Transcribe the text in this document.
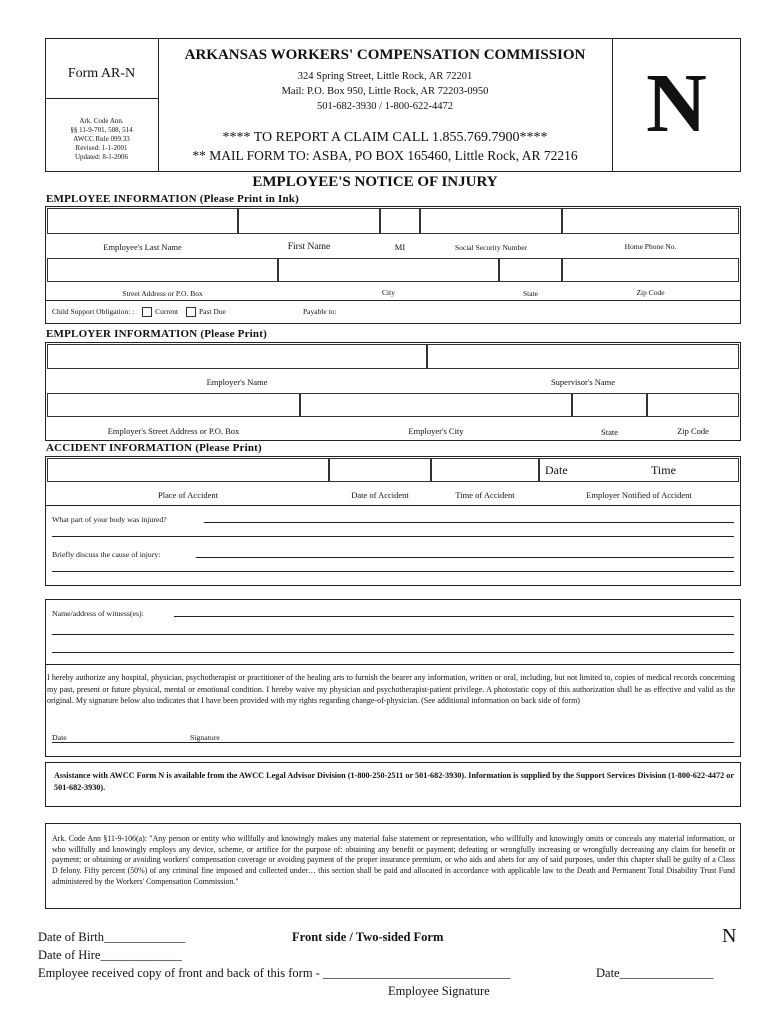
Form AR-N
Ark. Code Ann.
§§ 11-9-701, 508, 514
AWCC Rule 099.33
Revised: 1-1-2001
Updated: 8-1-2006
ARKANSAS WORKERS' COMPENSATION COMMISSION
324 Spring Street, Little Rock, AR 72201
Mail: P.O. Box 950, Little Rock, AR 72203-0950
501-682-3930 / 1-800-622-4472
**** TO REPORT A CLAIM CALL 1.855.769.7900****
** MAIL FORM TO: ASBA, PO BOX 165460, Little Rock, AR 72216
N
EMPLOYEE'S NOTICE OF INJURY
EMPLOYEE INFORMATION (Please Print in Ink)
Employee's Last Name	First Name	MI	Social Security Number	Home Phone No.
Street Address or P.O. Box	City	State	Zip Code
Child Support Obligation: :	Current	Past Due	Payable to:
EMPLOYER INFORMATION (Please Print)
Employer's Name	Supervisor's Name
Employer's Street Address or P.O. Box	Employer's City	State	Zip Code
ACCIDENT INFORMATION (Please Print)
Date	Time
Place of Accident	Date of Accident	Time of Accident	Employer Notified of Accident
What part of your body was injured?
Briefly discuss the cause of injury:
Name/address of witness(es):
I hereby authorize any hospital, physician, psychotherapist or practitioner of the healing arts to furnish the bearer any information, written or oral, including, but not limited to, copies of medical records concerning my past, present or future physical, mental or emotional condition. I hereby waive my physician and psychotherapist-patient privilege. A photostatic copy of this authorization shall be as effective and valid as the original. My signature below also indicates that I have been provided with my rights regarding change-of-physician. (See additional information on back side of form)
Date	Signature
Assistance with AWCC Form N is available from the AWCC Legal Advisor Division (1-800-250-2511 or 501-682-3930). Information is supplied by the Support Services Division (1-800-622-4472 or 501-682-3930).
Ark. Code Ann §11-9-106(a): "Any person or entity who willfully and knowingly makes any material false statement or representation, who willfully and knowingly omits or conceals any material information, or who willfully and knowingly employs any device, scheme, or artifice for the purpose of: obtaining any benefit or payment; defeating or wrongfully increasing or wrongfully decreasing any claim for benefit or payment; or obtaining or avoiding workers' compensation coverage or avoiding payment of the proper insurance premium, or who aids and abets for any of said purposes, under this chapter shall be guilty of a Class D felony. Fifty percent (50%) of any criminal fine imposed and collected under… this section shall be paid and allocated in accordance with applicable law to the Death and Permanent Total Disability Trust Fund administered by the Workers' Compensation Commission."
Date of Birth_____________
Date of Hire_____________
Front side / Two-sided Form	N
Employee received copy of front and back of this form - ______________________________	Date_______________
Employee Signature
